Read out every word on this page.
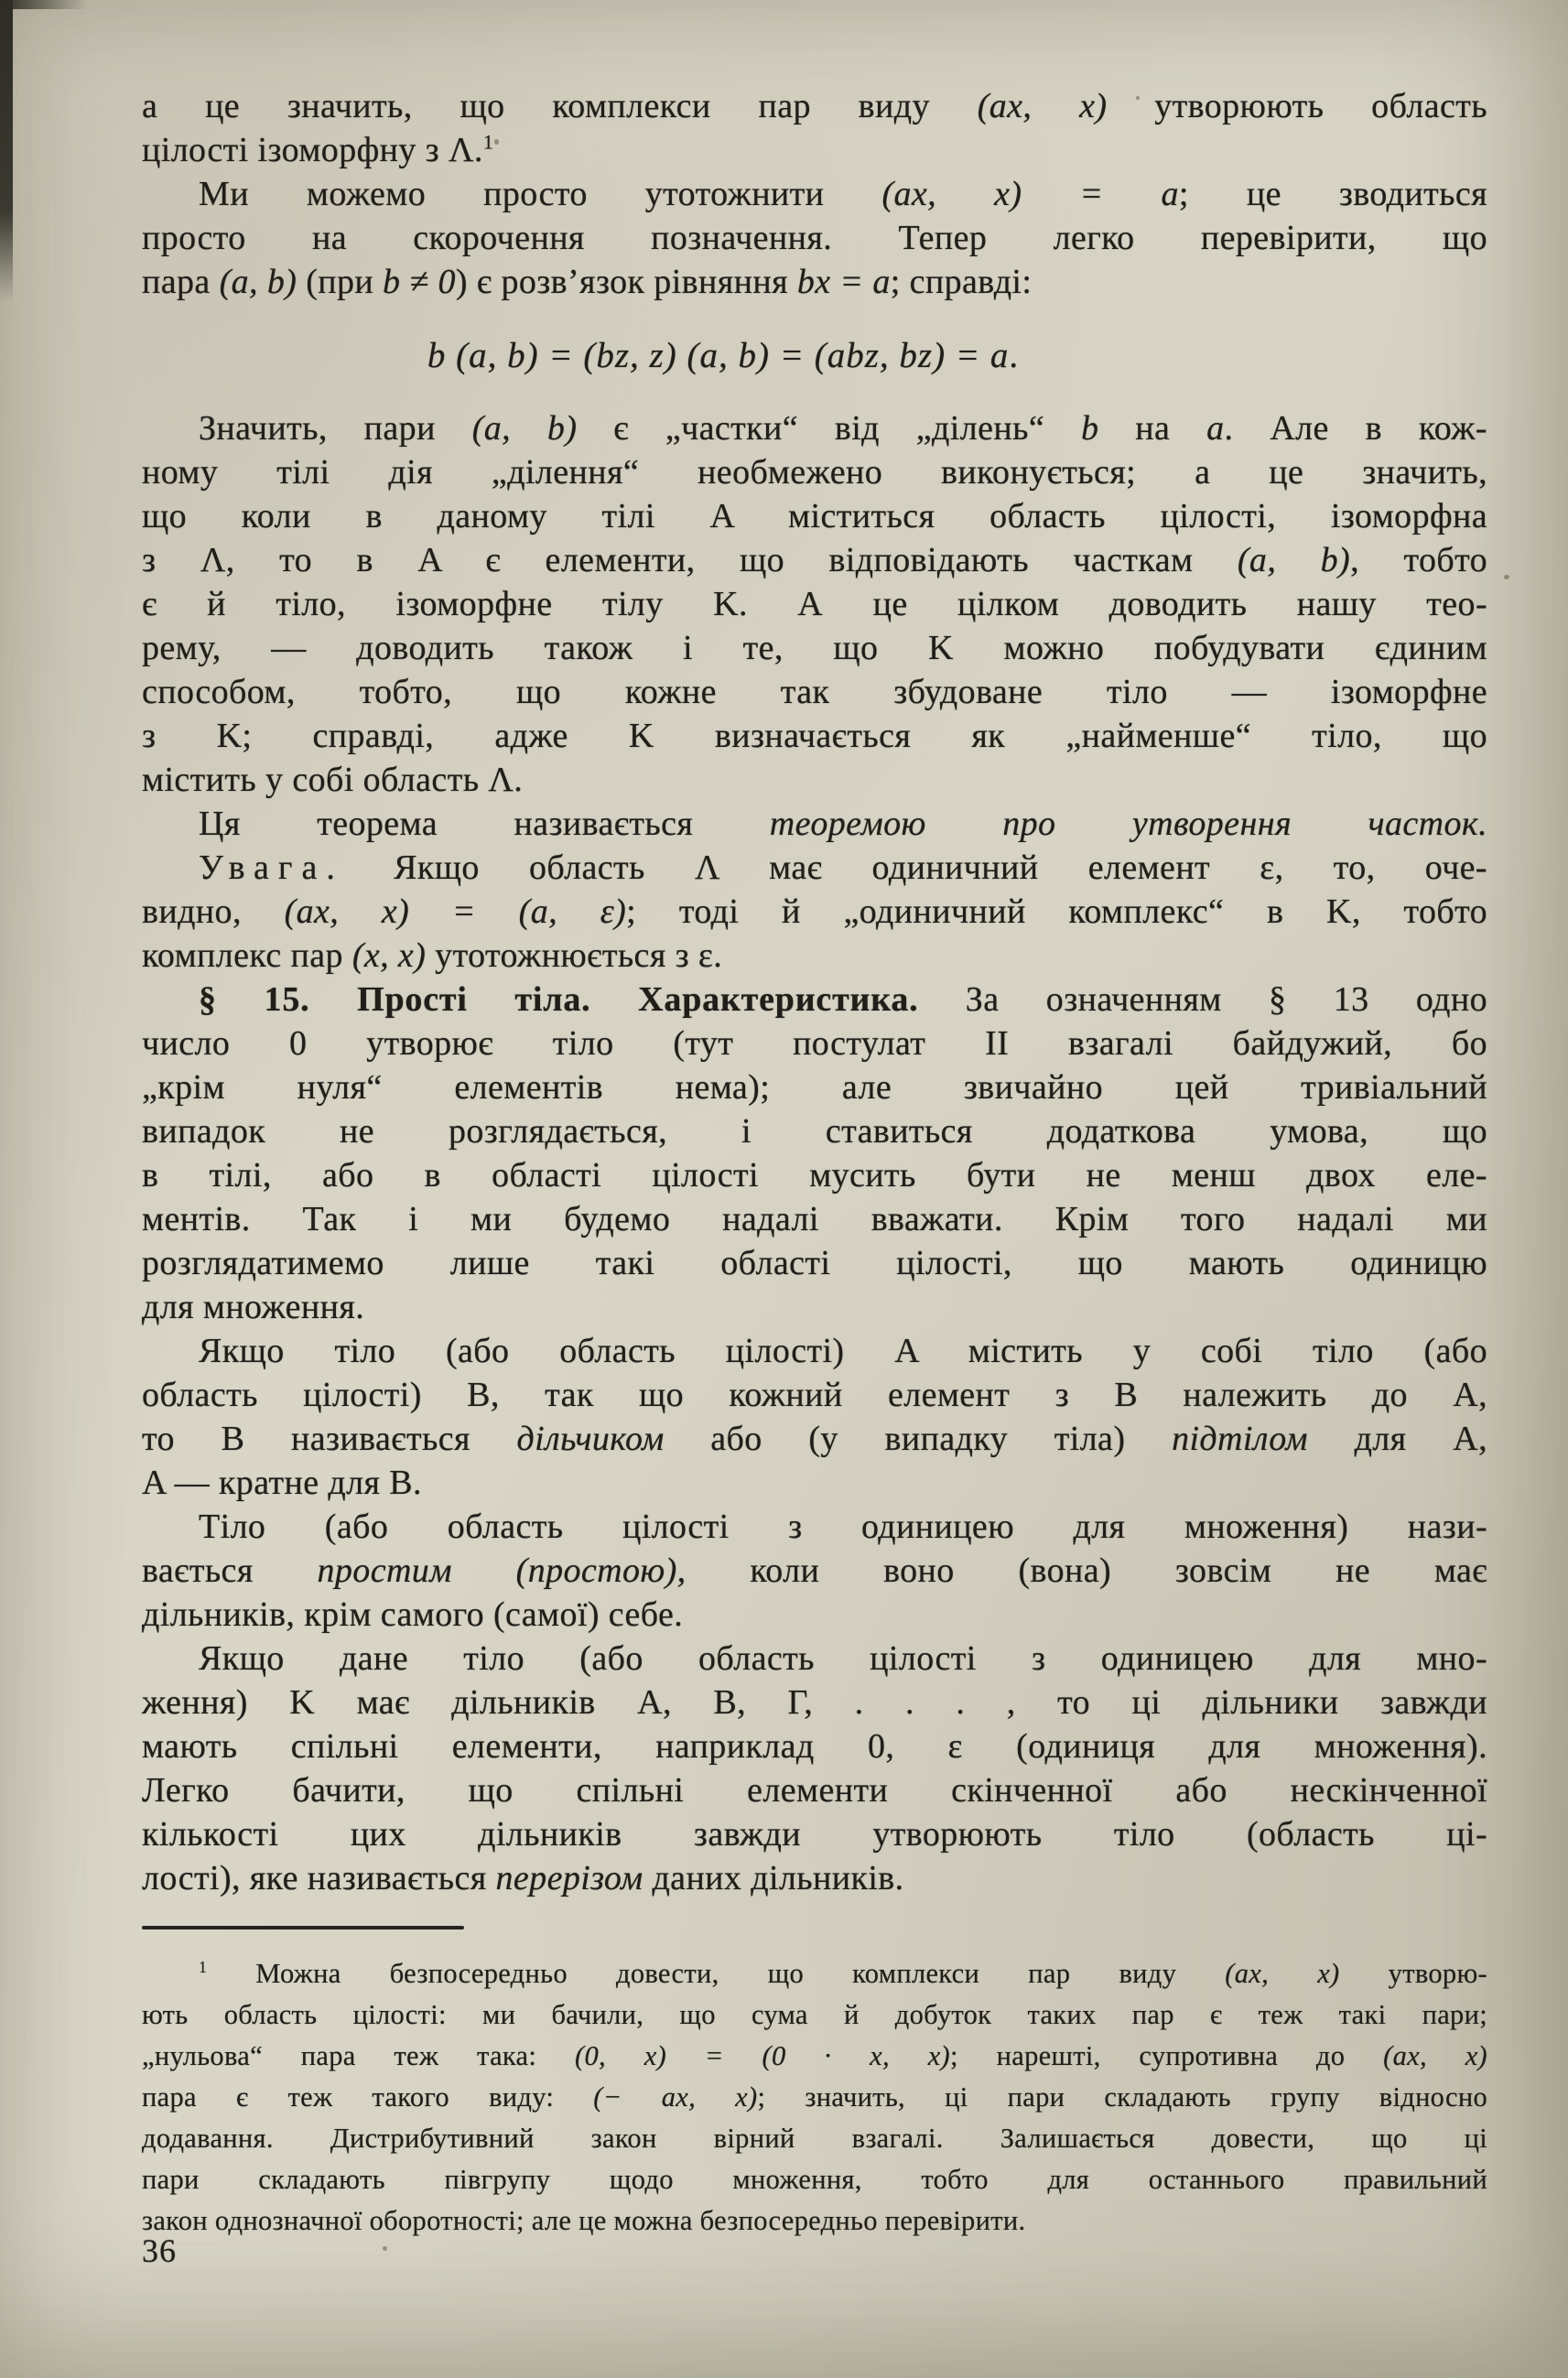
а це значить, що комплекси пар виду (ax, x) утворюють область
цілості ізоморфну з Λ.$^1$
Ми можемо просто утотожнити (ax, x) = a; це зводиться
просто на скорочення позначення. Тепер легко перевірити, що
пара (a, b) (при b ≠ 0) є розв’язок рівняння bx = a; справді:
b (a, b) = (bz, z) (a, b) = (abz, bz) = a .
Значить, пари (a, b) є „частки“ від „ділень“ b на a. Але в кож-
ному тілі дія „ділення“ необмежено виконується; а це значить,
що коли в даному тілі A міститься область цілості, ізоморфна
з Λ, то в A є елементи, що відповідають часткам (a, b), тобто
є й тіло, ізоморфне тілу K. А це цілком доводить нашу тео-
рему, — доводить також і те, що K можно побудувати єдиним
способом, тобто, що кожне так збудоване тіло — ізоморфне
з K; справді, адже K визначається як „найменше“ тіло, що
містить у собі область Λ.
Ця теорема називається теоремою про утворення часток.
Увага. Якщо область Λ має одиничний елемент ε, то, оче-
видно, (ax, x) = (a, ε); тоді й „одиничний комплекс“ в K, тобто
комплекс пар (x, x) утотожнюється з ε.
§ 15. Прості тіла. Характеристика. За означенням § 13 одно
число 0 утворює тіло (тут постулат II взагалі байдужий, бо
„крім нуля“ елементів нема); але звичайно цей тривіальний
випадок не розглядається, і ставиться додаткова умова, що
в тілі, або в області цілості мусить бути не менш двох еле-
ментів. Так і ми будемо надалі вважати. Крім того надалі ми
розглядатимемо лише такі області цілості, що мають одиницю
для множення.
Якщо тіло (або область цілості) A містить у собі тіло (або
область цілості) B, так що кожний елемент з B належить до A,
то B називається дільчиком або (у випадку тіла) підтілом для A,
A — кратне для B.
Тіло (або область цілості з одиницею для множення) нази-
вається простим (простою), коли воно (вона) зовсім не має
дільників, крім самого (самої) себе.
Якщо дане тіло (або область цілості з одиницею для мно-
ження) K має дільників A, B, Γ, . . . , то ці дільники завжди
мають спільні елементи, наприклад 0, ε (одиниця для множення).
Легко бачити, що спільні елементи скінченної або нескінченної
кількості цих дільників завжди утворюють тіло (область ці-
лості), яке називається перерізом даних дільників.
$^1$ Можна безпосередньо довести, що комплекси пар виду (ax, x) утворю-
ють область цілості: ми бачили, що сума й добуток таких пар є теж такі пари;
„нульова“ пара теж така: (0, x) = (0 · x, x); нарешті, супротивна до (ax, x)
пара є теж такого виду: (− ax, x); значить, ці пари складають групу відносно
додавання. Дистрибутивний закон вірний взагалі. Залишається довести, що ці
пари складають півгрупу щодо множення, тобто для останнього правильний
закон однозначної оборотності; але це можна безпосередньо перевірити.
36
